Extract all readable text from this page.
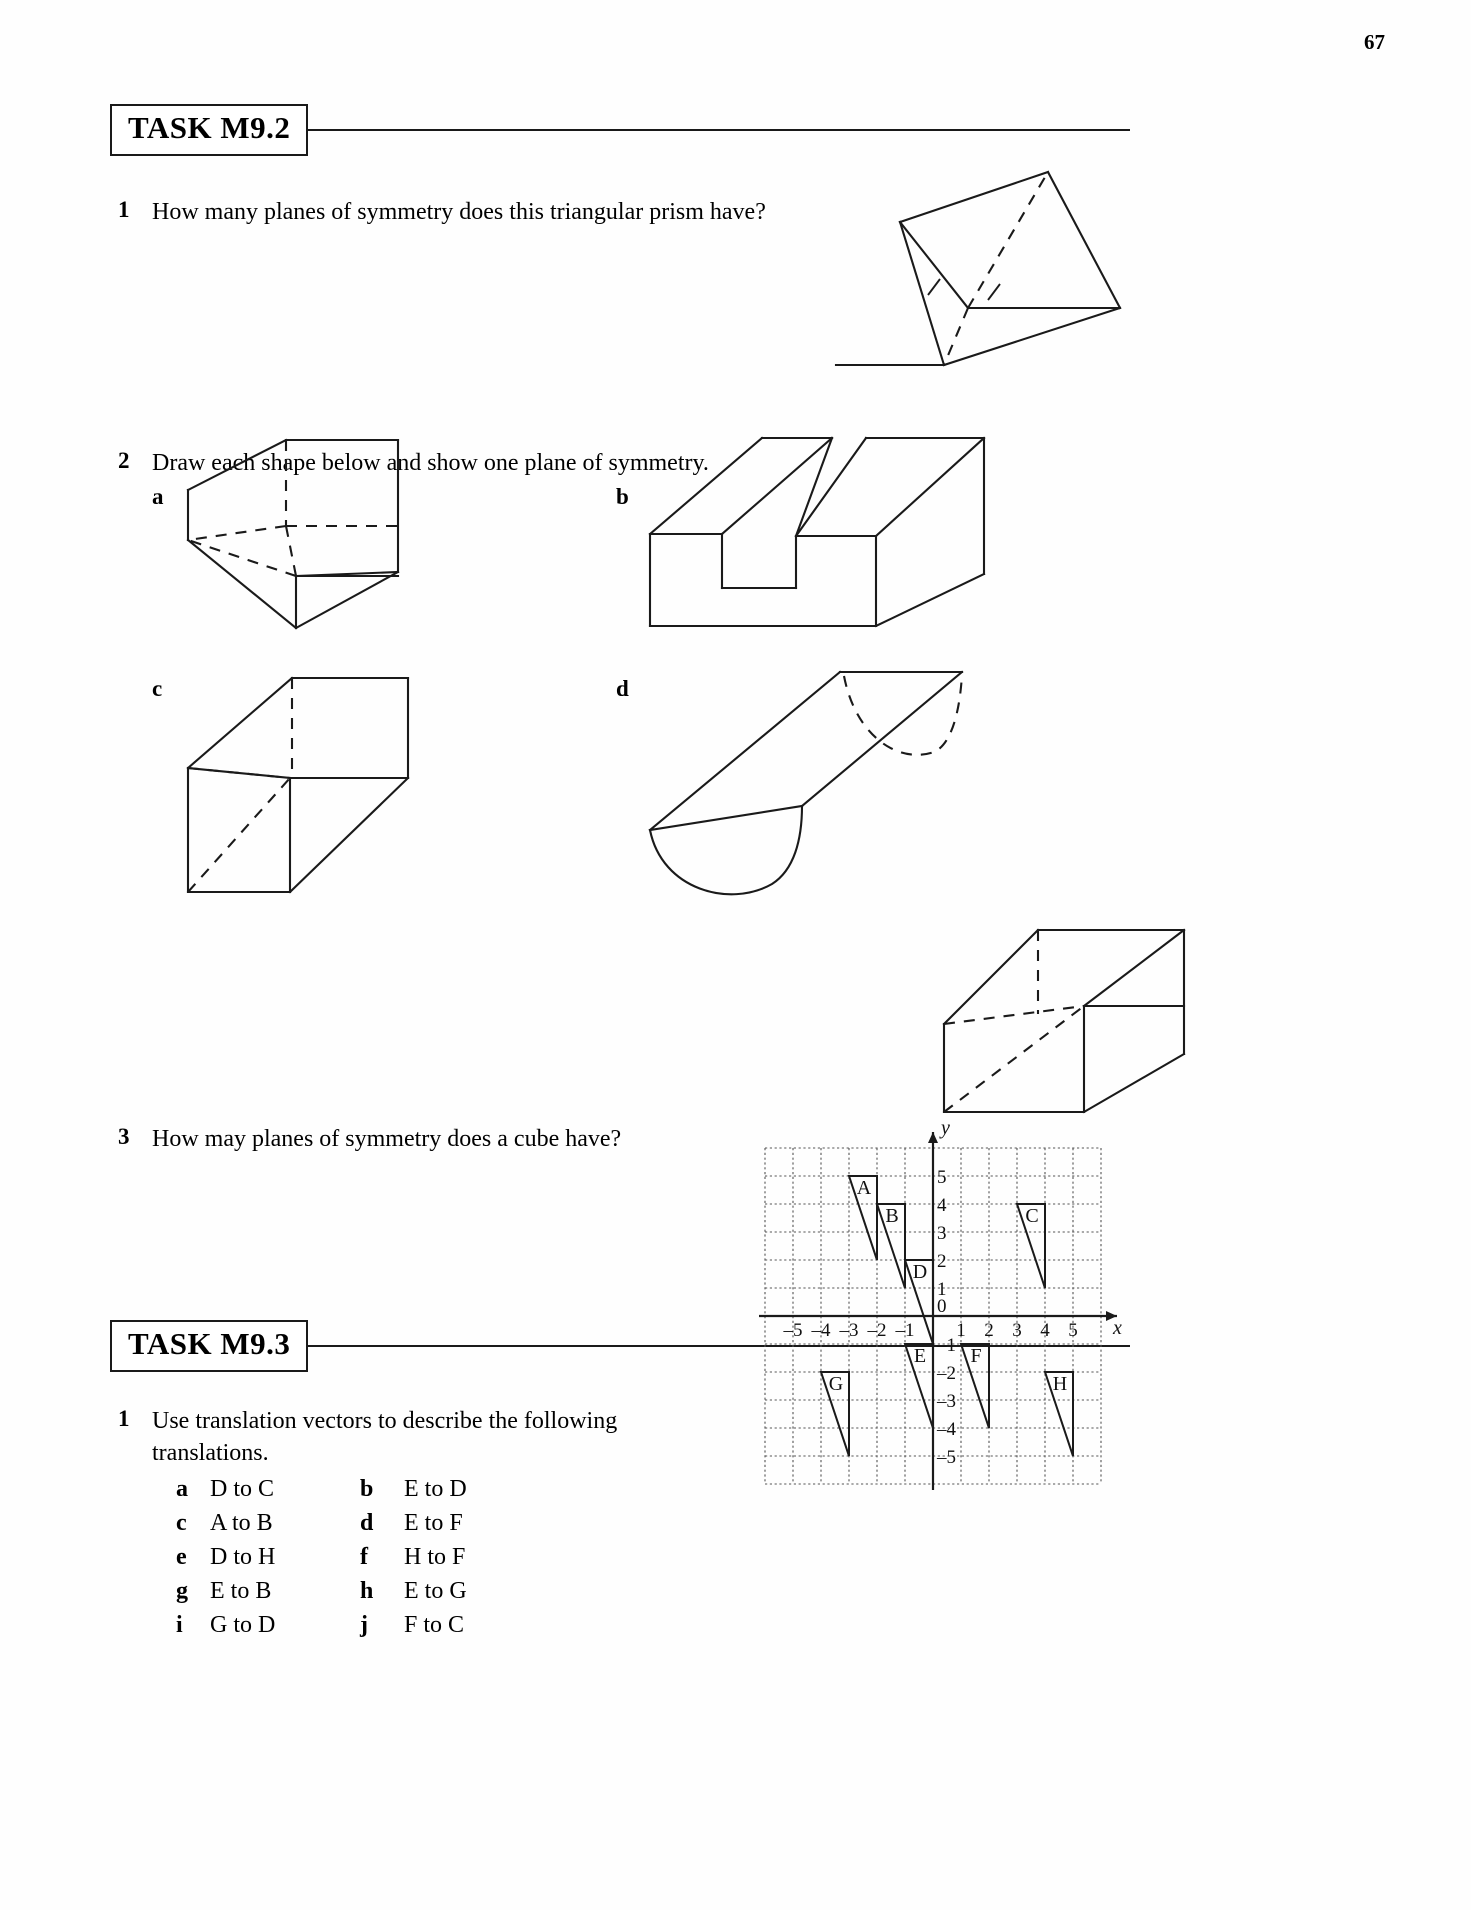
67
TASK M9.2
1 How many planes of symmetry does this triangular prism have?
2 Draw each shape below and show one plane of symmetry.
a	b
c	d
3 How may planes of symmetry does a cube have?
TASK M9.3
1 Use translation vectors to describe the following translations.
a D to C	b	E to D
c A to B	d	E to F
e D to H	f	H to F
g E to B	h	E to G
i	G to D	j	F to C
x
y
–5 –4 –3 –2 –1 1 2 3 4 5
0
5
4
3
2
1
–1
–2
–3
–4
–5
A
B	C
D
E F
G	H
